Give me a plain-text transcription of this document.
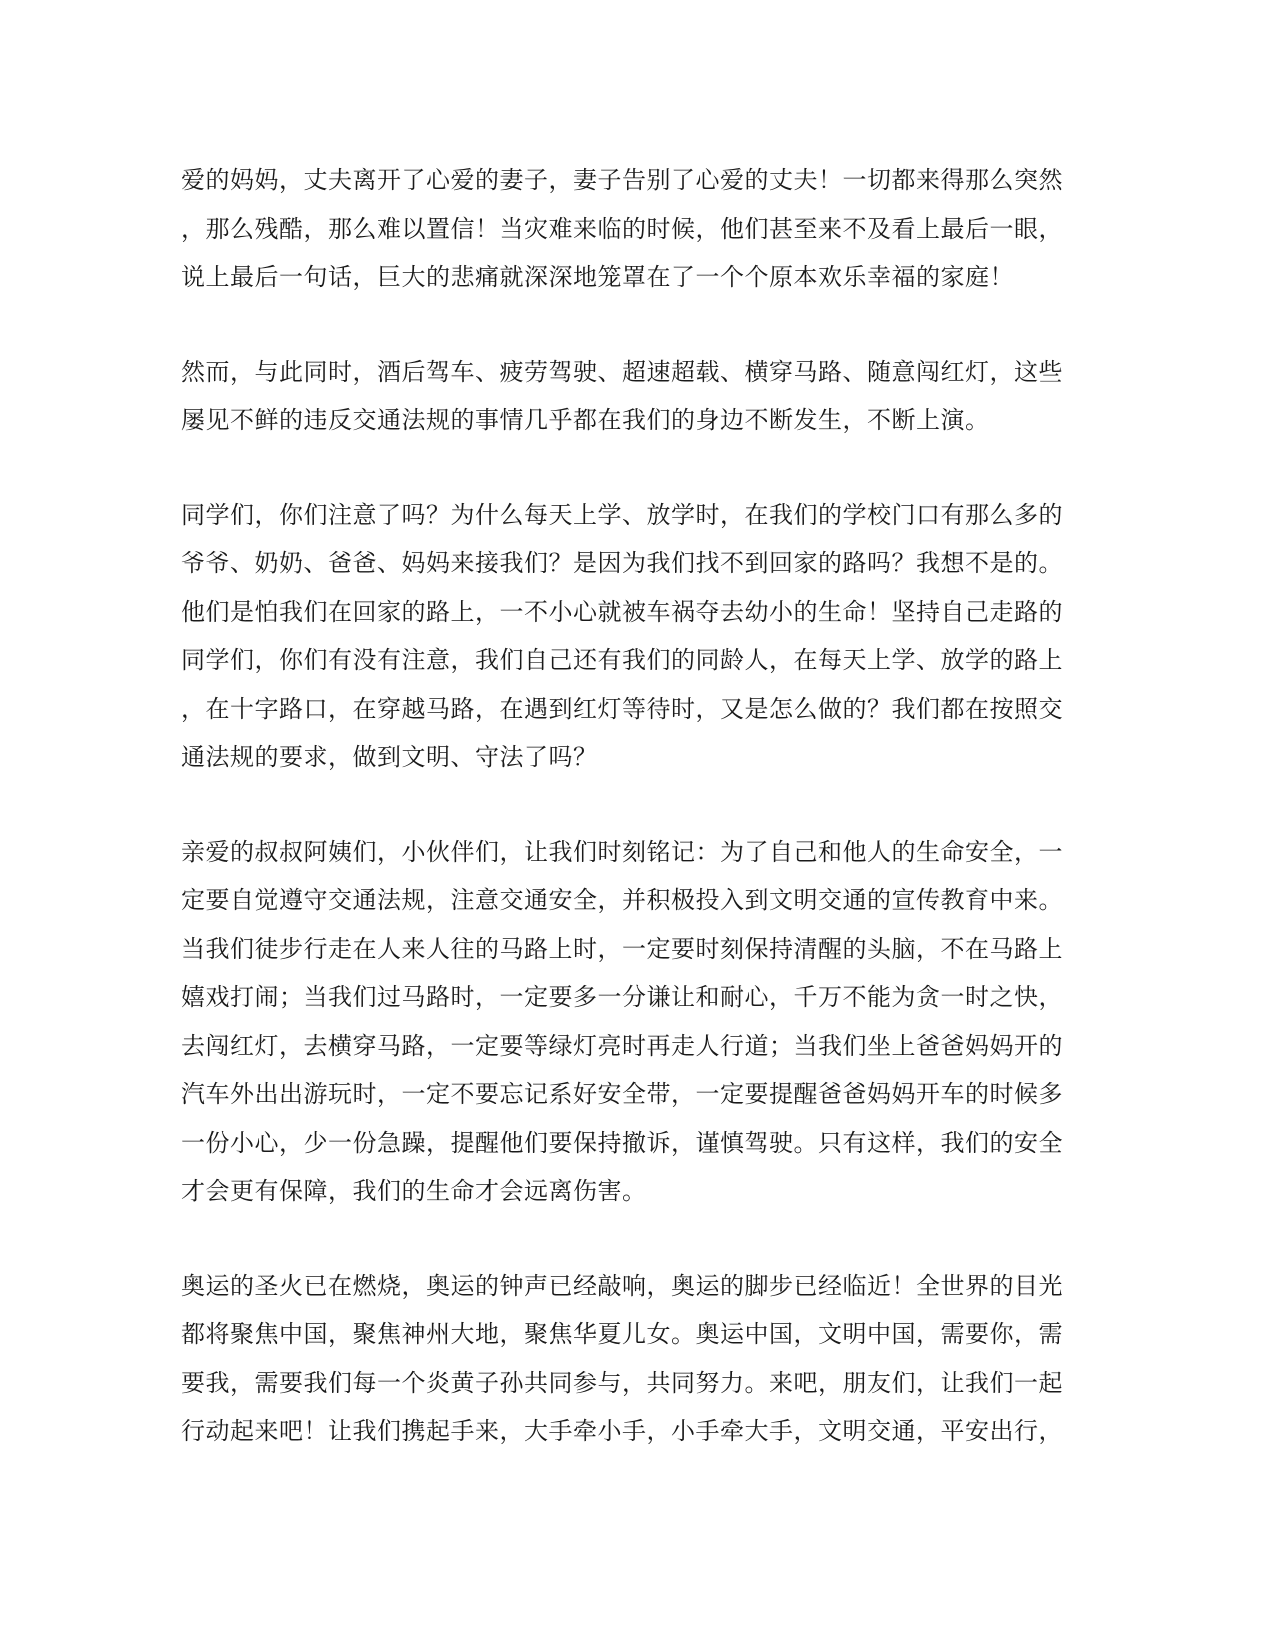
爱的妈妈，丈夫离开了心爱的妻子，妻子告别了心爱的丈夫！一切都来得那么突然
，那么残酷，那么难以置信！当灾难来临的时候，他们甚至来不及看上最后一眼，
说上最后一句话，巨大的悲痛就深深地笼罩在了一个个原本欢乐幸福的家庭！
然而，与此同时，酒后驾车、疲劳驾驶、超速超载、横穿马路、随意闯红灯，这些
屡见不鲜的违反交通法规的事情几乎都在我们的身边不断发生，不断上演。
同学们，你们注意了吗？为什么每天上学、放学时，在我们的学校门口有那么多的
爷爷、奶奶、爸爸、妈妈来接我们？是因为我们找不到回家的路吗？我想不是的。
他们是怕我们在回家的路上，一不小心就被车祸夺去幼小的生命！坚持自己走路的
同学们，你们有没有注意，我们自己还有我们的同龄人，在每天上学、放学的路上
，在十字路口，在穿越马路，在遇到红灯等待时，又是怎么做的？我们都在按照交
通法规的要求，做到文明、守法了吗？
亲爱的叔叔阿姨们，小伙伴们，让我们时刻铭记：为了自己和他人的生命安全，一
定要自觉遵守交通法规，注意交通安全，并积极投入到文明交通的宣传教育中来。
当我们徒步行走在人来人往的马路上时，一定要时刻保持清醒的头脑，不在马路上
嬉戏打闹；当我们过马路时，一定要多一分谦让和耐心，千万不能为贪一时之快，
去闯红灯，去横穿马路，一定要等绿灯亮时再走人行道；当我们坐上爸爸妈妈开的
汽车外出出游玩时，一定不要忘记系好安全带，一定要提醒爸爸妈妈开车的时候多
一份小心，少一份急躁，提醒他们要保持撤诉，谨慎驾驶。只有这样，我们的安全
才会更有保障，我们的生命才会远离伤害。
奥运的圣火已在燃烧，奥运的钟声已经敲响，奥运的脚步已经临近！全世界的目光
都将聚焦中国，聚焦神州大地，聚焦华夏儿女。奥运中国，文明中国，需要你，需
要我，需要我们每一个炎黄子孙共同参与，共同努力。来吧，朋友们，让我们一起
行动起来吧！让我们携起手来，大手牵小手，小手牵大手，文明交通，平安出行，
